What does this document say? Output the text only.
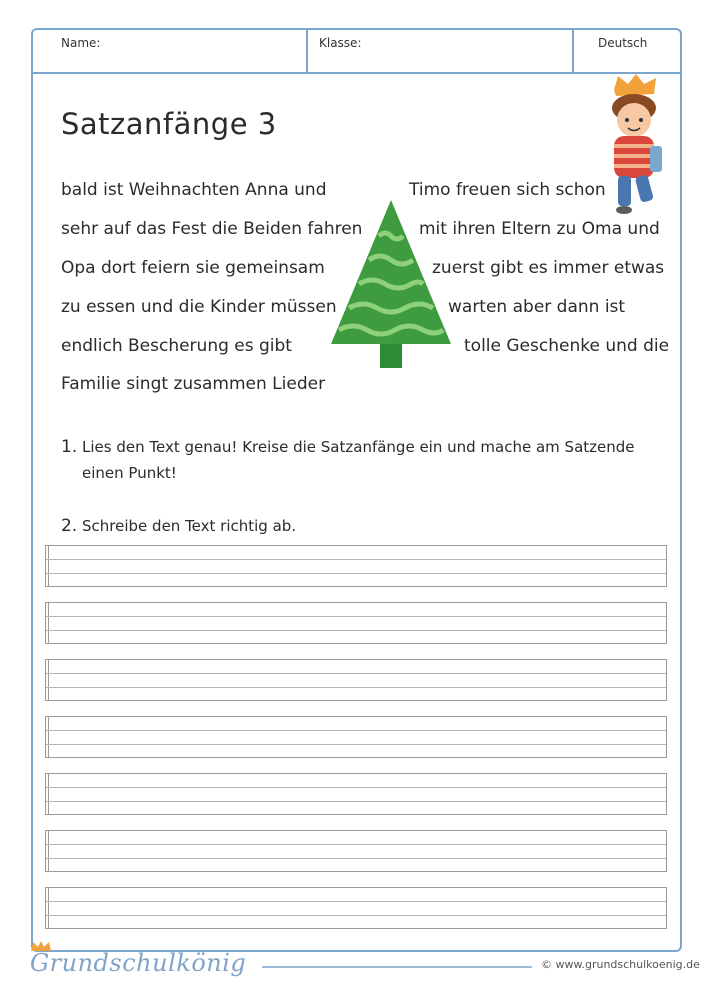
Name:	Klasse:	Deutsch
Satzanfänge 3
bald ist Weihnachten Anna und	Timo freuen sich schon
sehr auf das Fest die Beiden fahren	mit ihren Eltern zu Oma und
Opa dort feiern sie gemeinsam	zuerst gibt es immer etwas
zu essen und die Kinder müssen	warten aber dann ist
endlich Bescherung es gibt	tolle Geschenke und die
Familie singt zusammen Lieder
1. Lies den Text genau! Kreise die Satzanfänge ein und mache am Satzende
einen Punkt!
2. Schreibe den Text richtig ab.
Grundschulkönig	© www.grundschulkoenig.de
